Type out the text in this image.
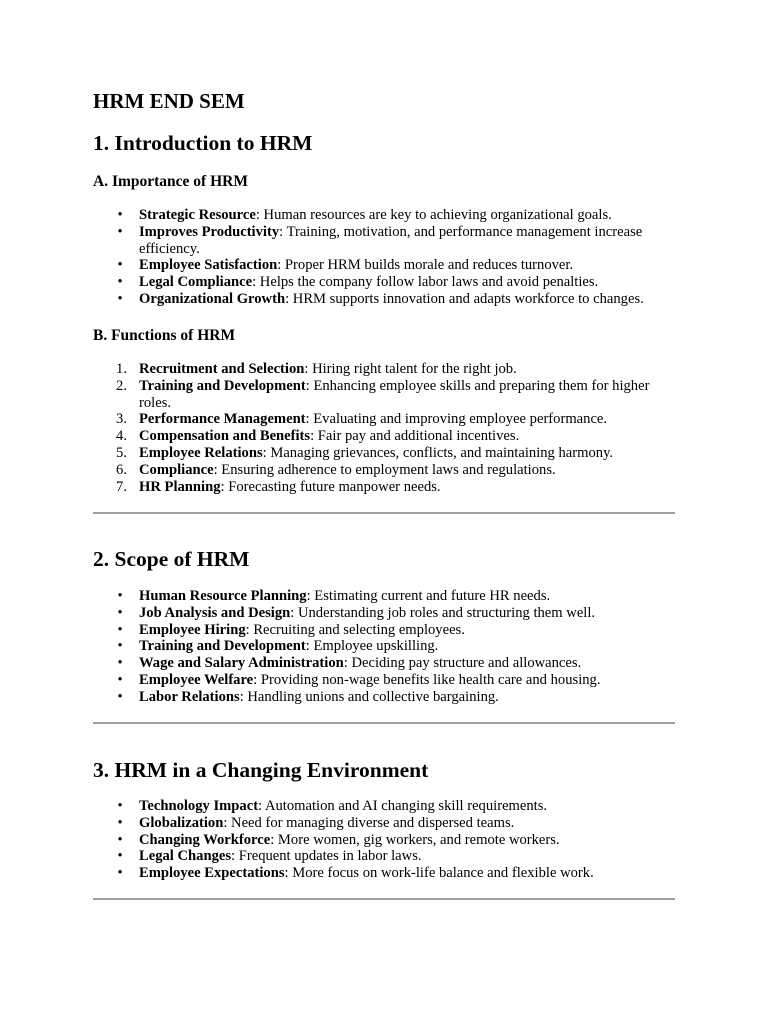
HRM END SEM
1. Introduction to HRM
A. Importance of HRM
•	Strategic Resource: Human resources are key to achieving organizational goals.
•	Improves Productivity: Training, motivation, and performance management increase efficiency.
•	Employee Satisfaction: Proper HRM builds morale and reduces turnover.
•	Legal Compliance: Helps the company follow labor laws and avoid penalties.
•	Organizational Growth: HRM supports innovation and adapts workforce to changes.
B. Functions of HRM
1. Recruitment and Selection: Hiring right talent for the right job.
2. Training and Development: Enhancing employee skills and preparing them for higher roles.
3. Performance Management: Evaluating and improving employee performance.
4. Compensation and Benefits: Fair pay and additional incentives.
5. Employee Relations: Managing grievances, conflicts, and maintaining harmony.
6. Compliance: Ensuring adherence to employment laws and regulations.
7. HR Planning: Forecasting future manpower needs.
2. Scope of HRM
•	Human Resource Planning: Estimating current and future HR needs.
•	Job Analysis and Design: Understanding job roles and structuring them well.
•	Employee Hiring: Recruiting and selecting employees.
•	Training and Development: Employee upskilling.
•	Wage and Salary Administration: Deciding pay structure and allowances.
•	Employee Welfare: Providing non-wage benefits like health care and housing.
•	Labor Relations: Handling unions and collective bargaining.
3. HRM in a Changing Environment
•	Technology Impact: Automation and AI changing skill requirements.
•	Globalization: Need for managing diverse and dispersed teams.
•	Changing Workforce: More women, gig workers, and remote workers.
•	Legal Changes: Frequent updates in labor laws.
•	Employee Expectations: More focus on work-life balance and flexible work.
